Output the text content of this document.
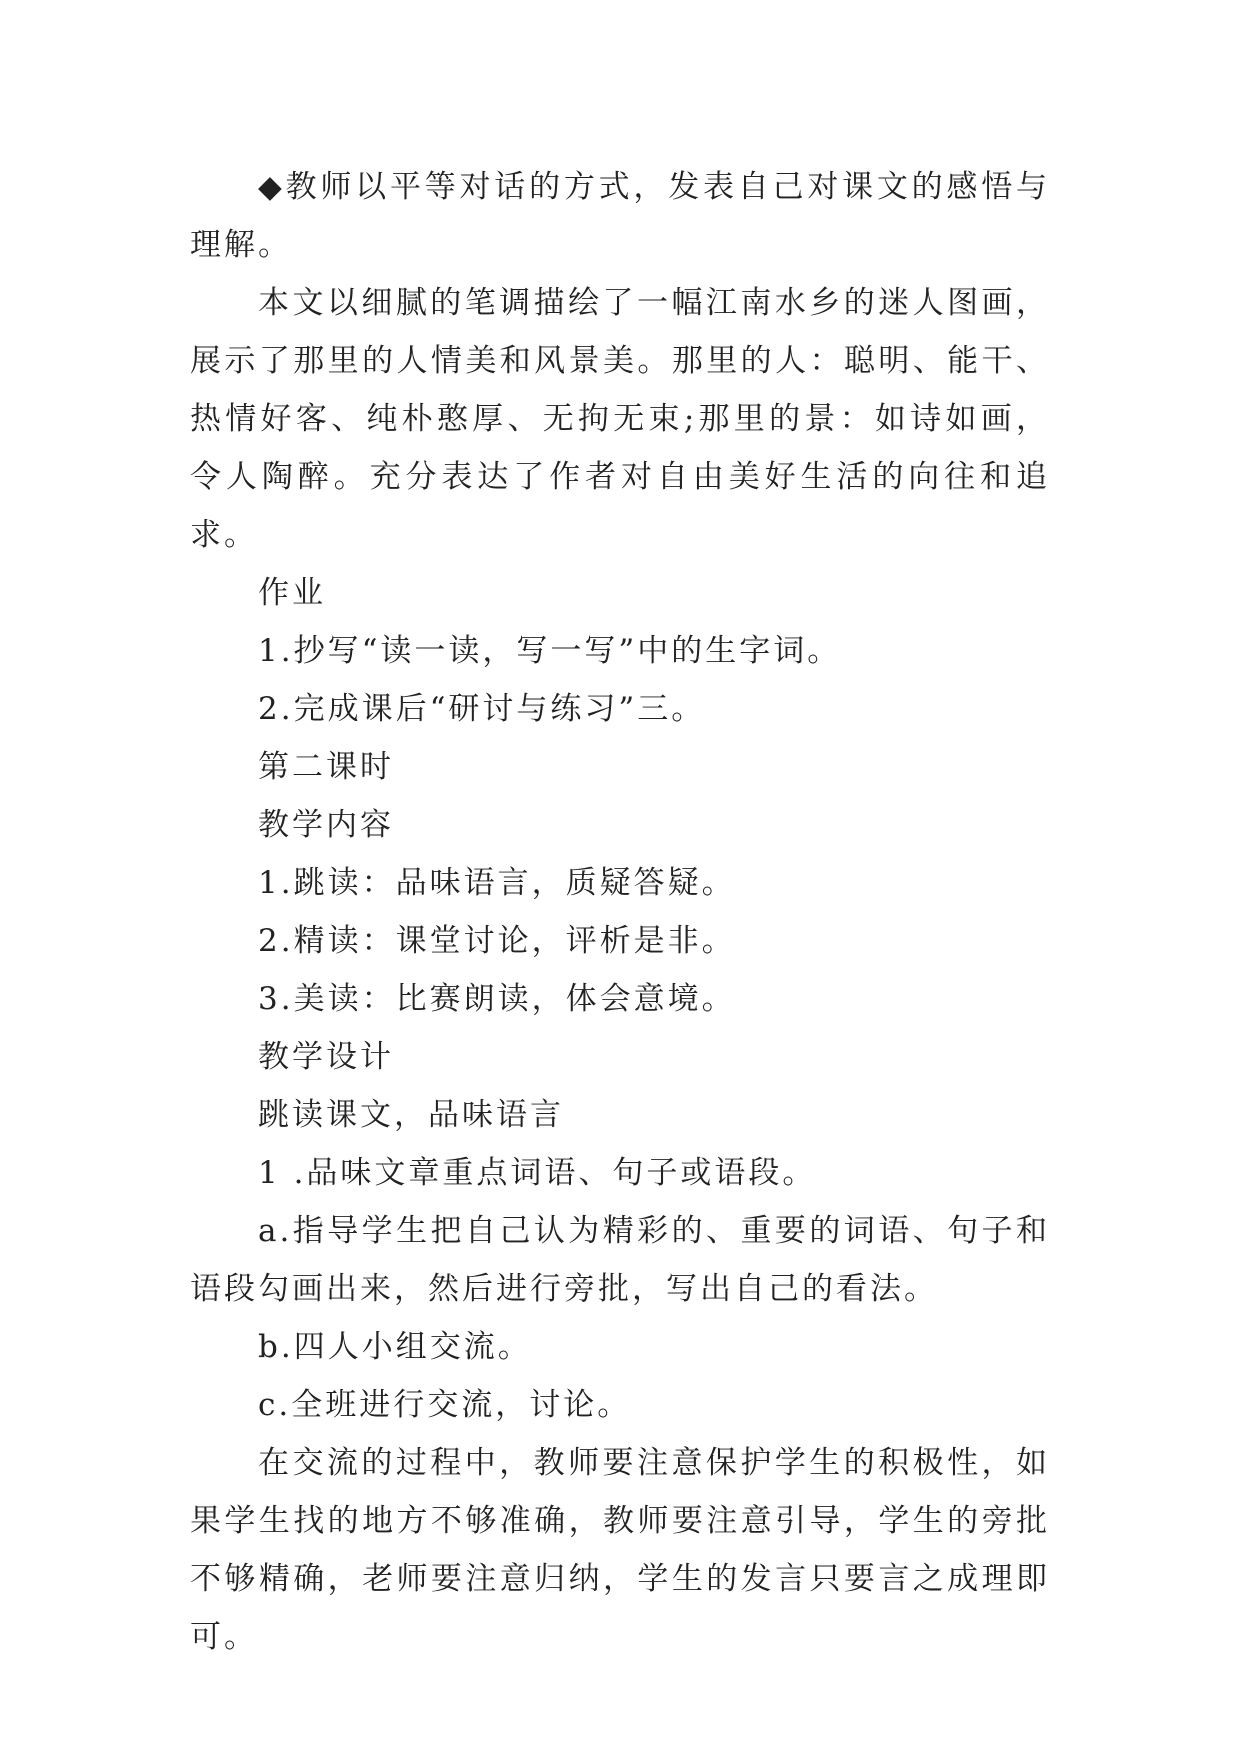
◆教师以平等对话的方式，发表自己对课文的感悟与理解。

本文以细腻的笔调描绘了一幅江南水乡的迷人图画，展示了那里的人情美和风景美。那里的人：聪明、能干、热情好客、纯朴憨厚、无拘无束;那里的景：如诗如画，令人陶醉。充分表达了作者对自由美好生活的向往和追求。

作业

1.抄写“读一读，写一写”中的生字词。

2.完成课后“研讨与练习”三。

第二课时

教学内容

1.跳读：品味语言，质疑答疑。

2.精读：课堂讨论，评析是非。

3.美读：比赛朗读，体会意境。

教学设计

跳读课文，品味语言

1 .品味文章重点词语、句子或语段。

a.指导学生把自己认为精彩的、重要的词语、句子和语段勾画出来，然后进行旁批，写出自己的看法。

b.四人小组交流。

c.全班进行交流，讨论。

在交流的过程中，教师要注意保护学生的积极性，如果学生找的地方不够准确，教师要注意引导，学生的旁批不够精确，老师要注意归纳，学生的发言只要言之成理即可。
